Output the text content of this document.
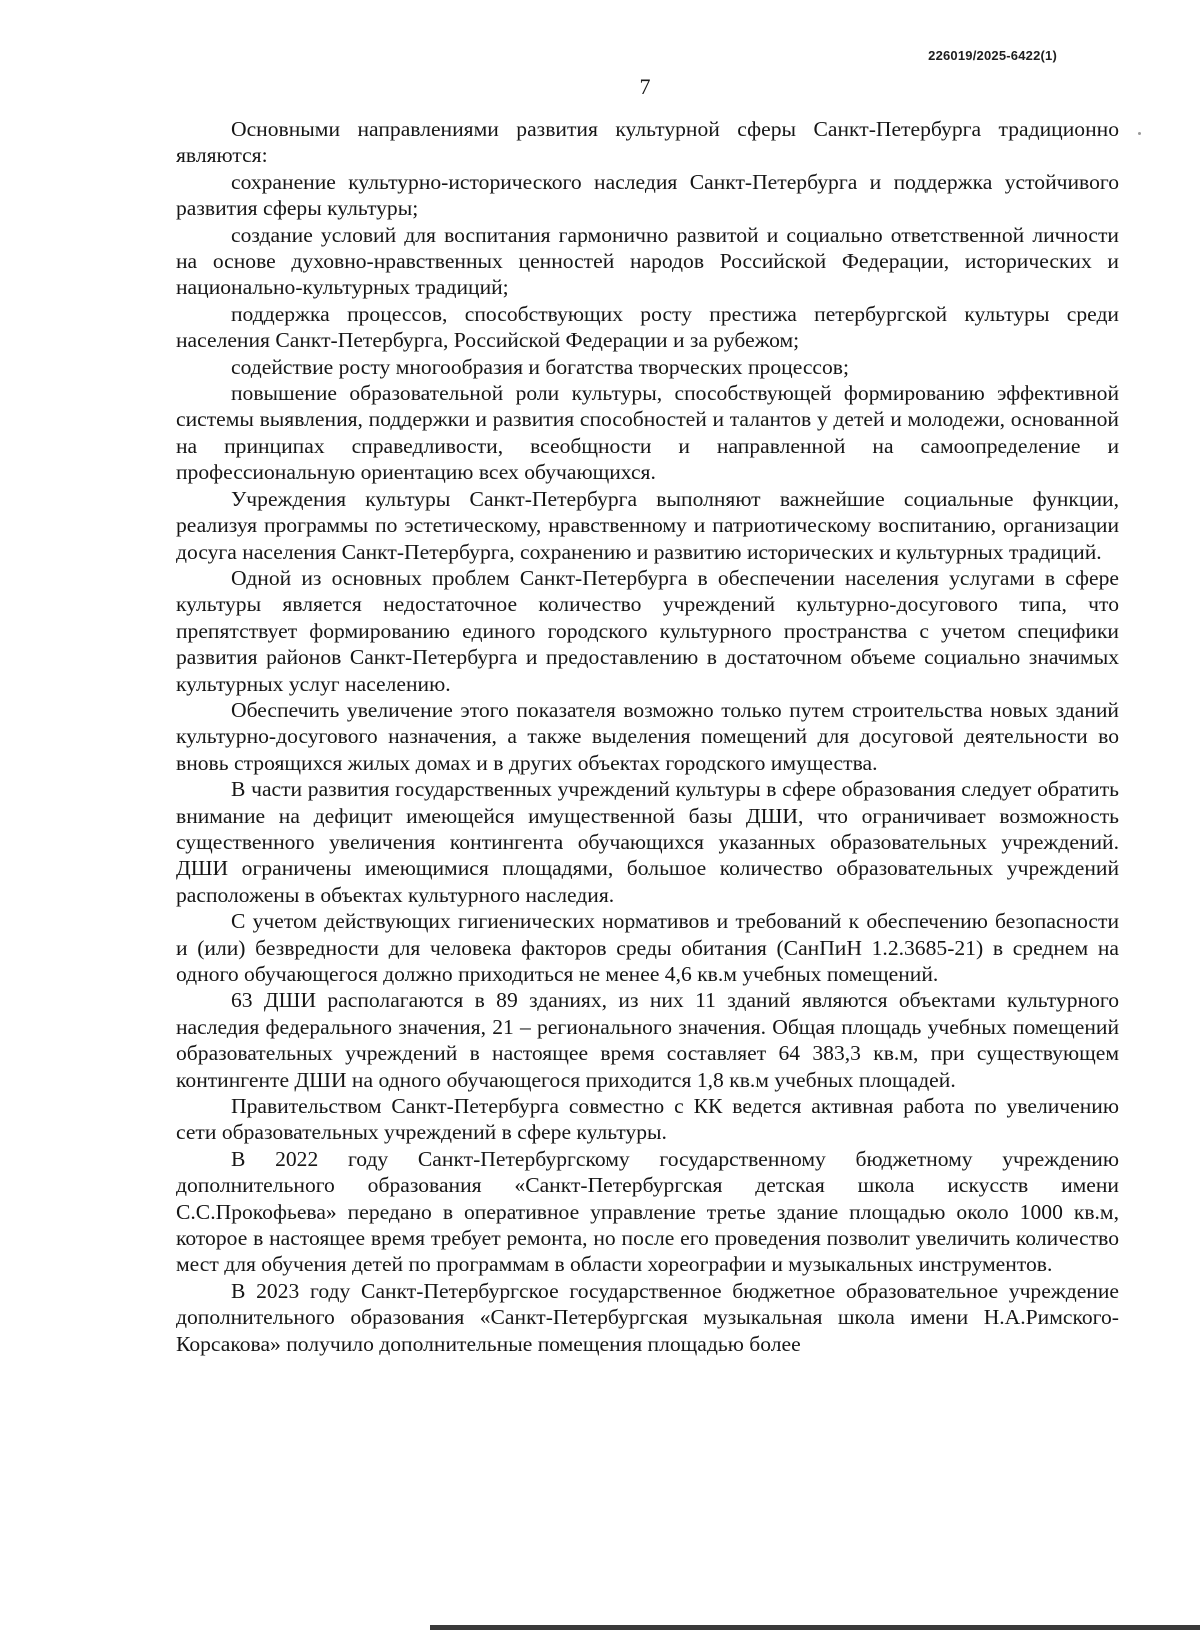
226019/2025-6422(1)
7

Основными направлениями развития культурной сферы Санкт-Петербурга традиционно являются:

сохранение культурно-исторического наследия Санкт-Петербурга и поддержка устойчивого развития сферы культуры;

создание условий для воспитания гармонично развитой и социально ответственной личности на основе духовно-нравственных ценностей народов Российской Федерации, исторических и национально-культурных традиций;

поддержка процессов, способствующих росту престижа петербургской культуры среди населения Санкт-Петербурга, Российской Федерации и за рубежом;

содействие росту многообразия и богатства творческих процессов;

повышение образовательной роли культуры, способствующей формированию эффективной системы выявления, поддержки и развития способностей и талантов у детей и молодежи, основанной на принципах справедливости, всеобщности и направленной на самоопределение и профессиональную ориентацию всех обучающихся.

Учреждения культуры Санкт-Петербурга выполняют важнейшие социальные функции, реализуя программы по эстетическому, нравственному и патриотическому воспитанию, организации досуга населения Санкт-Петербурга, сохранению и развитию исторических и культурных традиций.

Одной из основных проблем Санкт-Петербурга в обеспечении населения услугами в сфере культуры является недостаточное количество учреждений культурно-досугового типа, что препятствует формированию единого городского культурного пространства с учетом специфики развития районов Санкт-Петербурга и предоставлению в достаточном объеме социально значимых культурных услуг населению.

Обеспечить увеличение этого показателя возможно только путем строительства новых зданий культурно-досугового назначения, а также выделения помещений для досуговой деятельности во вновь строящихся жилых домах и в других объектах городского имущества.

В части развития государственных учреждений культуры в сфере образования следует обратить внимание на дефицит имеющейся имущественной базы ДШИ, что ограничивает возможность существенного увеличения контингента обучающихся указанных образовательных учреждений. ДШИ ограничены имеющимися площадями, большое количество образовательных учреждений расположены в объектах культурного наследия.

С учетом действующих гигиенических нормативов и требований к обеспечению безопасности и (или) безвредности для человека факторов среды обитания (СанПиН 1.2.3685-21) в среднем на одного обучающегося должно приходиться не менее 4,6 кв.м учебных помещений.

63 ДШИ располагаются в 89 зданиях, из них 11 зданий являются объектами культурного наследия федерального значения, 21 – регионального значения. Общая площадь учебных помещений образовательных учреждений в настоящее время составляет 64 383,3 кв.м, при существующем контингенте ДШИ на одного обучающегося приходится 1,8 кв.м учебных площадей.

Правительством Санкт-Петербурга совместно с КК ведется активная работа по увеличению сети образовательных учреждений в сфере культуры.

В 2022 году Санкт-Петербургскому государственному бюджетному учреждению дополнительного образования «Санкт-Петербургская детская школа искусств имени С.С.Прокофьева» передано в оперативное управление третье здание площадью около 1000 кв.м, которое в настоящее время требует ремонта, но после его проведения позволит увеличить количество мест для обучения детей по программам в области хореографии и музыкальных инструментов.

В 2023 году Санкт-Петербургское государственное бюджетное образовательное учреждение дополнительного образования «Санкт-Петербургская музыкальная школа имени Н.А.Римского-Корсакова» получило дополнительные помещения площадью более
